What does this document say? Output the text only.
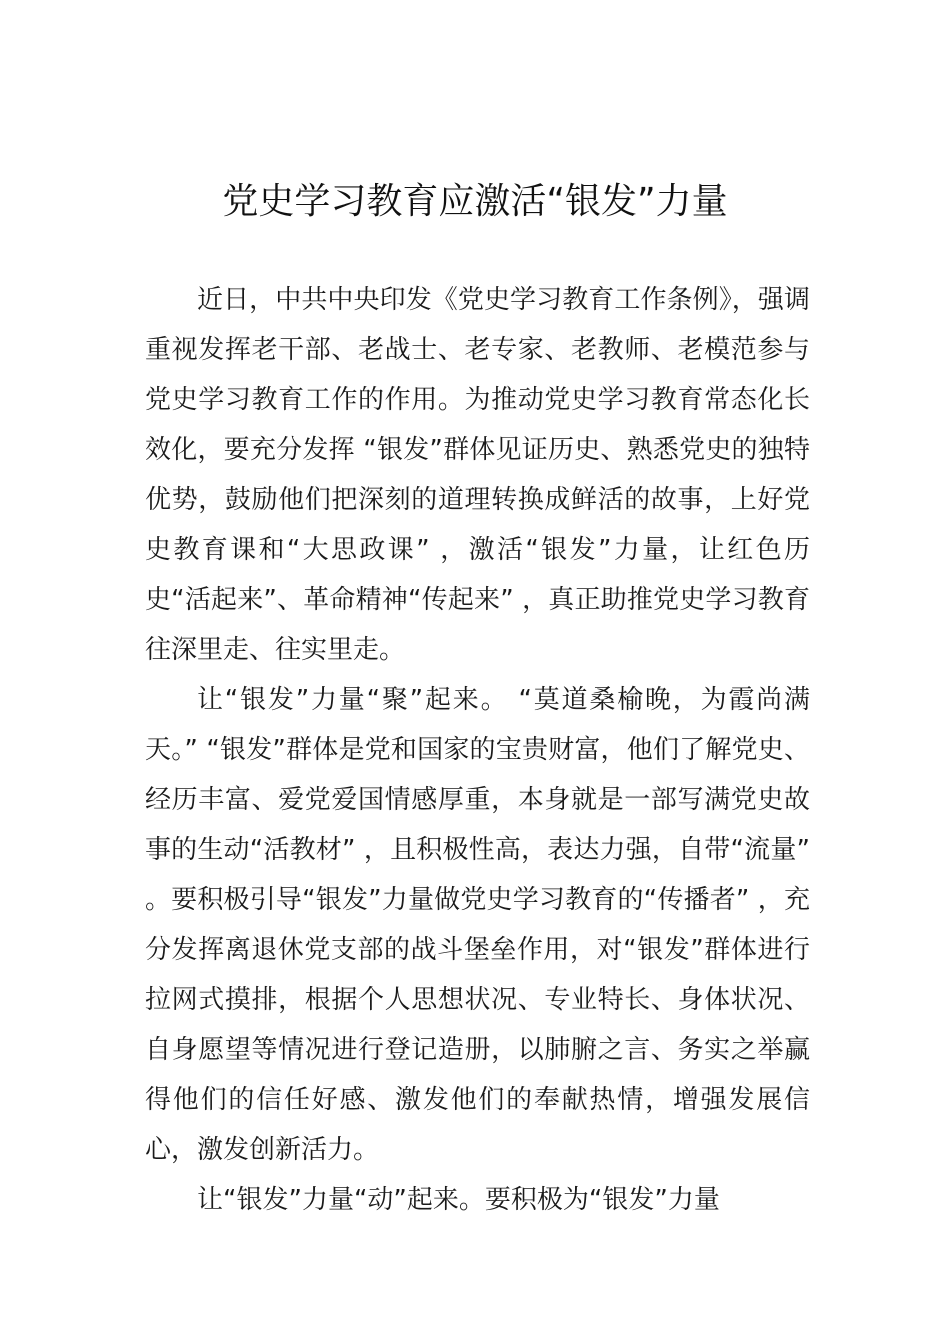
党史学习教育应激活“银发”力量

近日，中共中央印发《党史学习教育工作条例》，强调重视发挥老干部、老战士、老专家、老教师、老模范参与党史学习教育工作的作用。为推动党史学习教育常态化长效化，要充分发挥 “银发”群体见证历史、熟悉党史的独特优势，鼓励他们把深刻的道理转换成鲜活的故事，上好党史教育课和“大思政课” ，激活“银发”力量，让红色历史“活起来”、革命精神“传起来” ，真正助推党史学习教育往深里走、往实里走。

让“银发”力量“聚”起来。 “莫道桑榆晚，为霞尚满天。” “银发”群体是党和国家的宝贵财富，他们了解党史、经历丰富、爱党爱国情感厚重，本身就是一部写满党史故事的生动“活教材” ，且积极性高，表达力强，自带“流量” 。要积极引导“银发”力量做党史学习教育的“传播者” ，充分发挥离退休党支部的战斗堡垒作用，对“银发”群体进行拉网式摸排，根据个人思想状况、专业特长、身体状况、自身愿望等情况进行登记造册，以肺腑之言、务实之举赢得他们的信任好感、激发他们的奉献热情，增强发展信心，激发创新活力。

让“银发”力量“动”起来。要积极为“银发”力量
